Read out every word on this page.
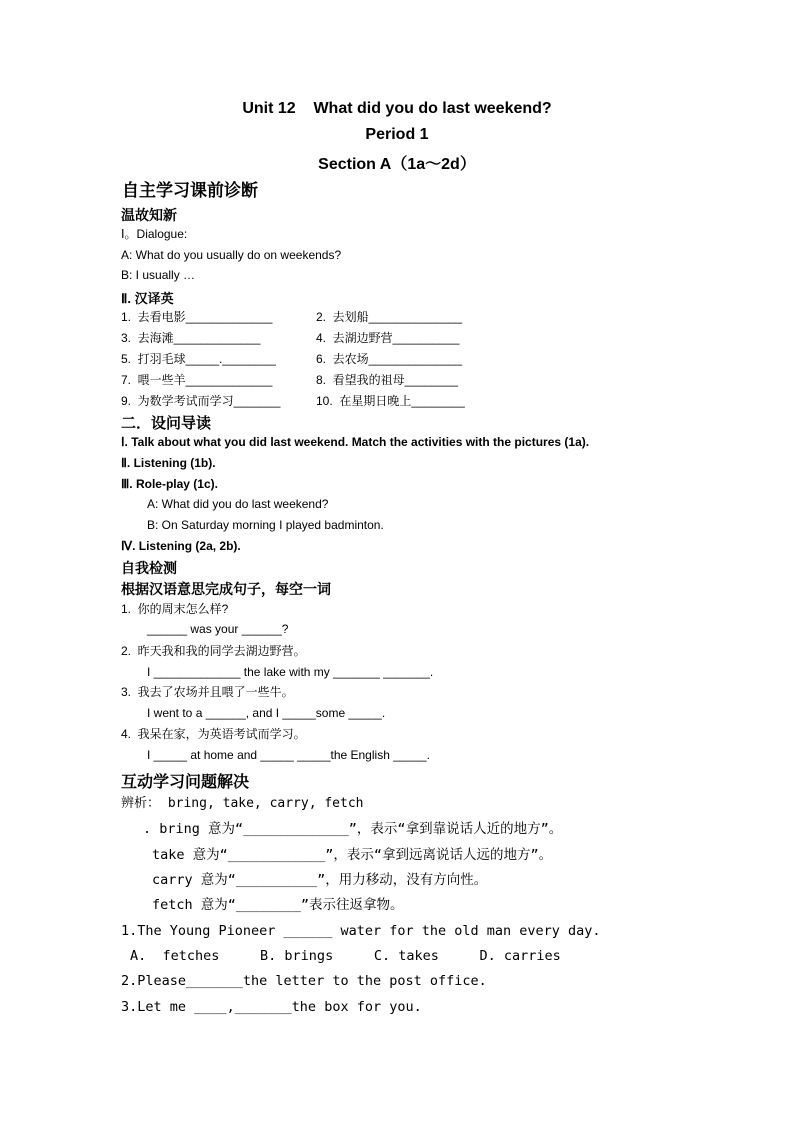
Unit 12    What did you do last weekend?
Period 1
Section A（1a～2d）
自主学习课前诊断
温故知新
Ⅰ。Dialogue:
A: What do you usually do on weekends?
B: I usually …
Ⅱ. 汉译英
1.  去看电影_____________	2.  去划船______________
3.  去海滩_____________	4.  去湖边野营__________
5.  打羽毛球_____.________	6.  去农场______________
7.  喂一些羊_____________	8.  看望我的祖母________
9.  为数学考试而学习_______	10.  在星期日晚上________
二．设问导读
Ⅰ. Talk about what you did last weekend. Match the activities with the pictures (1a).
Ⅱ. Listening (1b).
Ⅲ. Role-play (1c).
A: What did you do last weekend?
B: On Saturday morning I played badminton.
Ⅳ. Listening (2a, 2b).
自我检测
根据汉语意思完成句子，每空一词
1.  你的周末怎么样?
______ was your ______?
2.  昨天我和我的同学去湖边野营。
I _____________ the lake with my _______ _______.
3.  我去了农场并且喂了一些牛。
I went to a ______, and I _____some _____.
4.  我呆在家，为英语考试而学习。
I _____ at home and _____ _____the English _____.
互动学习问题解决
辨析： bring, take, carry, fetch
. bring 意为“_____________”，表示“拿到靠说话人近的地方”。
take 意为“____________”，表示“拿到远离说话人远的地方”。
carry 意为“__________”，用力移动，没有方向性。
fetch 意为“________”表示往返拿物。
1.The Young Pioneer ______ water for the old man every day.
A.  fetches     B. brings     C. takes     D. carries
2.Please_______the letter to the post office.
3.Let me ____,_______the box for you.
